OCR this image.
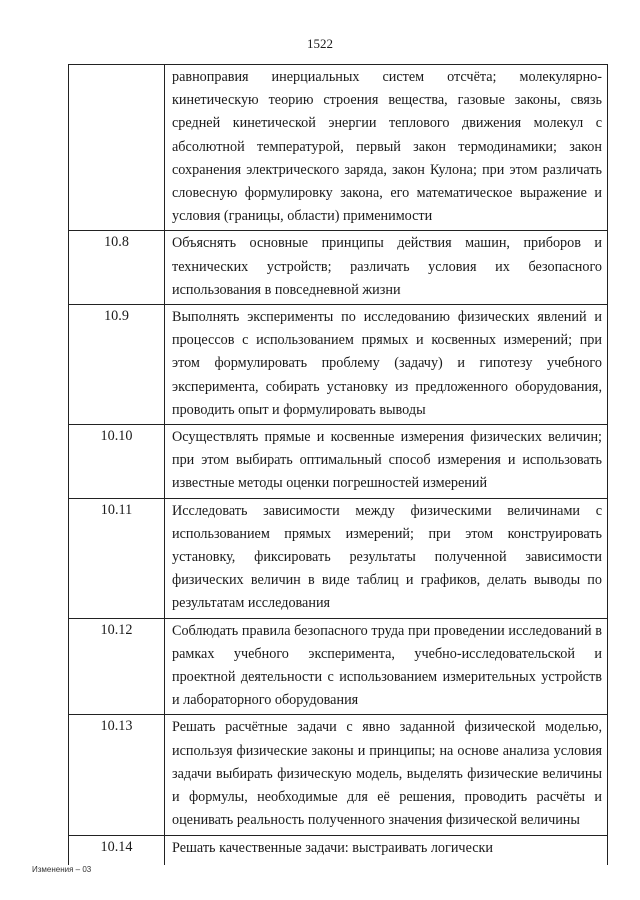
1522
	равноправия инерциальных систем отсчёта; молекулярно-кинетическую теорию строения вещества, газовые законы, связь средней кинетической энергии теплового движения молекул с абсолютной температурой, первый закон термодинамики; закон сохранения электрического заряда, закон Кулона; при этом различать словесную формулировку закона, его математическое выражение и условия (границы, области) применимости
10.8	Объяснять основные принципы действия машин, приборов и технических устройств; различать условия их безопасного использования в повседневной жизни
10.9	Выполнять эксперименты по исследованию физических явлений и процессов с использованием прямых и косвенных измерений; при этом формулировать проблему (задачу) и гипотезу учебного эксперимента, собирать установку из предложенного оборудования, проводить опыт и формулировать выводы
10.10	Осуществлять прямые и косвенные измерения физических величин; при этом выбирать оптимальный способ измерения и использовать известные методы оценки погрешностей измерений
10.11	Исследовать зависимости между физическими величинами с использованием прямых измерений; при этом конструировать установку, фиксировать результаты полученной зависимости физических величин в виде таблиц и графиков, делать выводы по результатам исследования
10.12	Соблюдать правила безопасного труда при проведении исследований в рамках учебного эксперимента, учебно-исследовательской и проектной деятельности с использованием измерительных устройств и лабораторного оборудования
10.13	Решать расчётные задачи с явно заданной физической моделью, используя физические законы и принципы; на основе анализа условия задачи выбирать физическую модель, выделять физические величины и формулы, необходимые для её решения, проводить расчёты и оценивать реальность полученного значения физической величины
10.14	Решать качественные задачи: выстраивать логически
Изменения – 03
